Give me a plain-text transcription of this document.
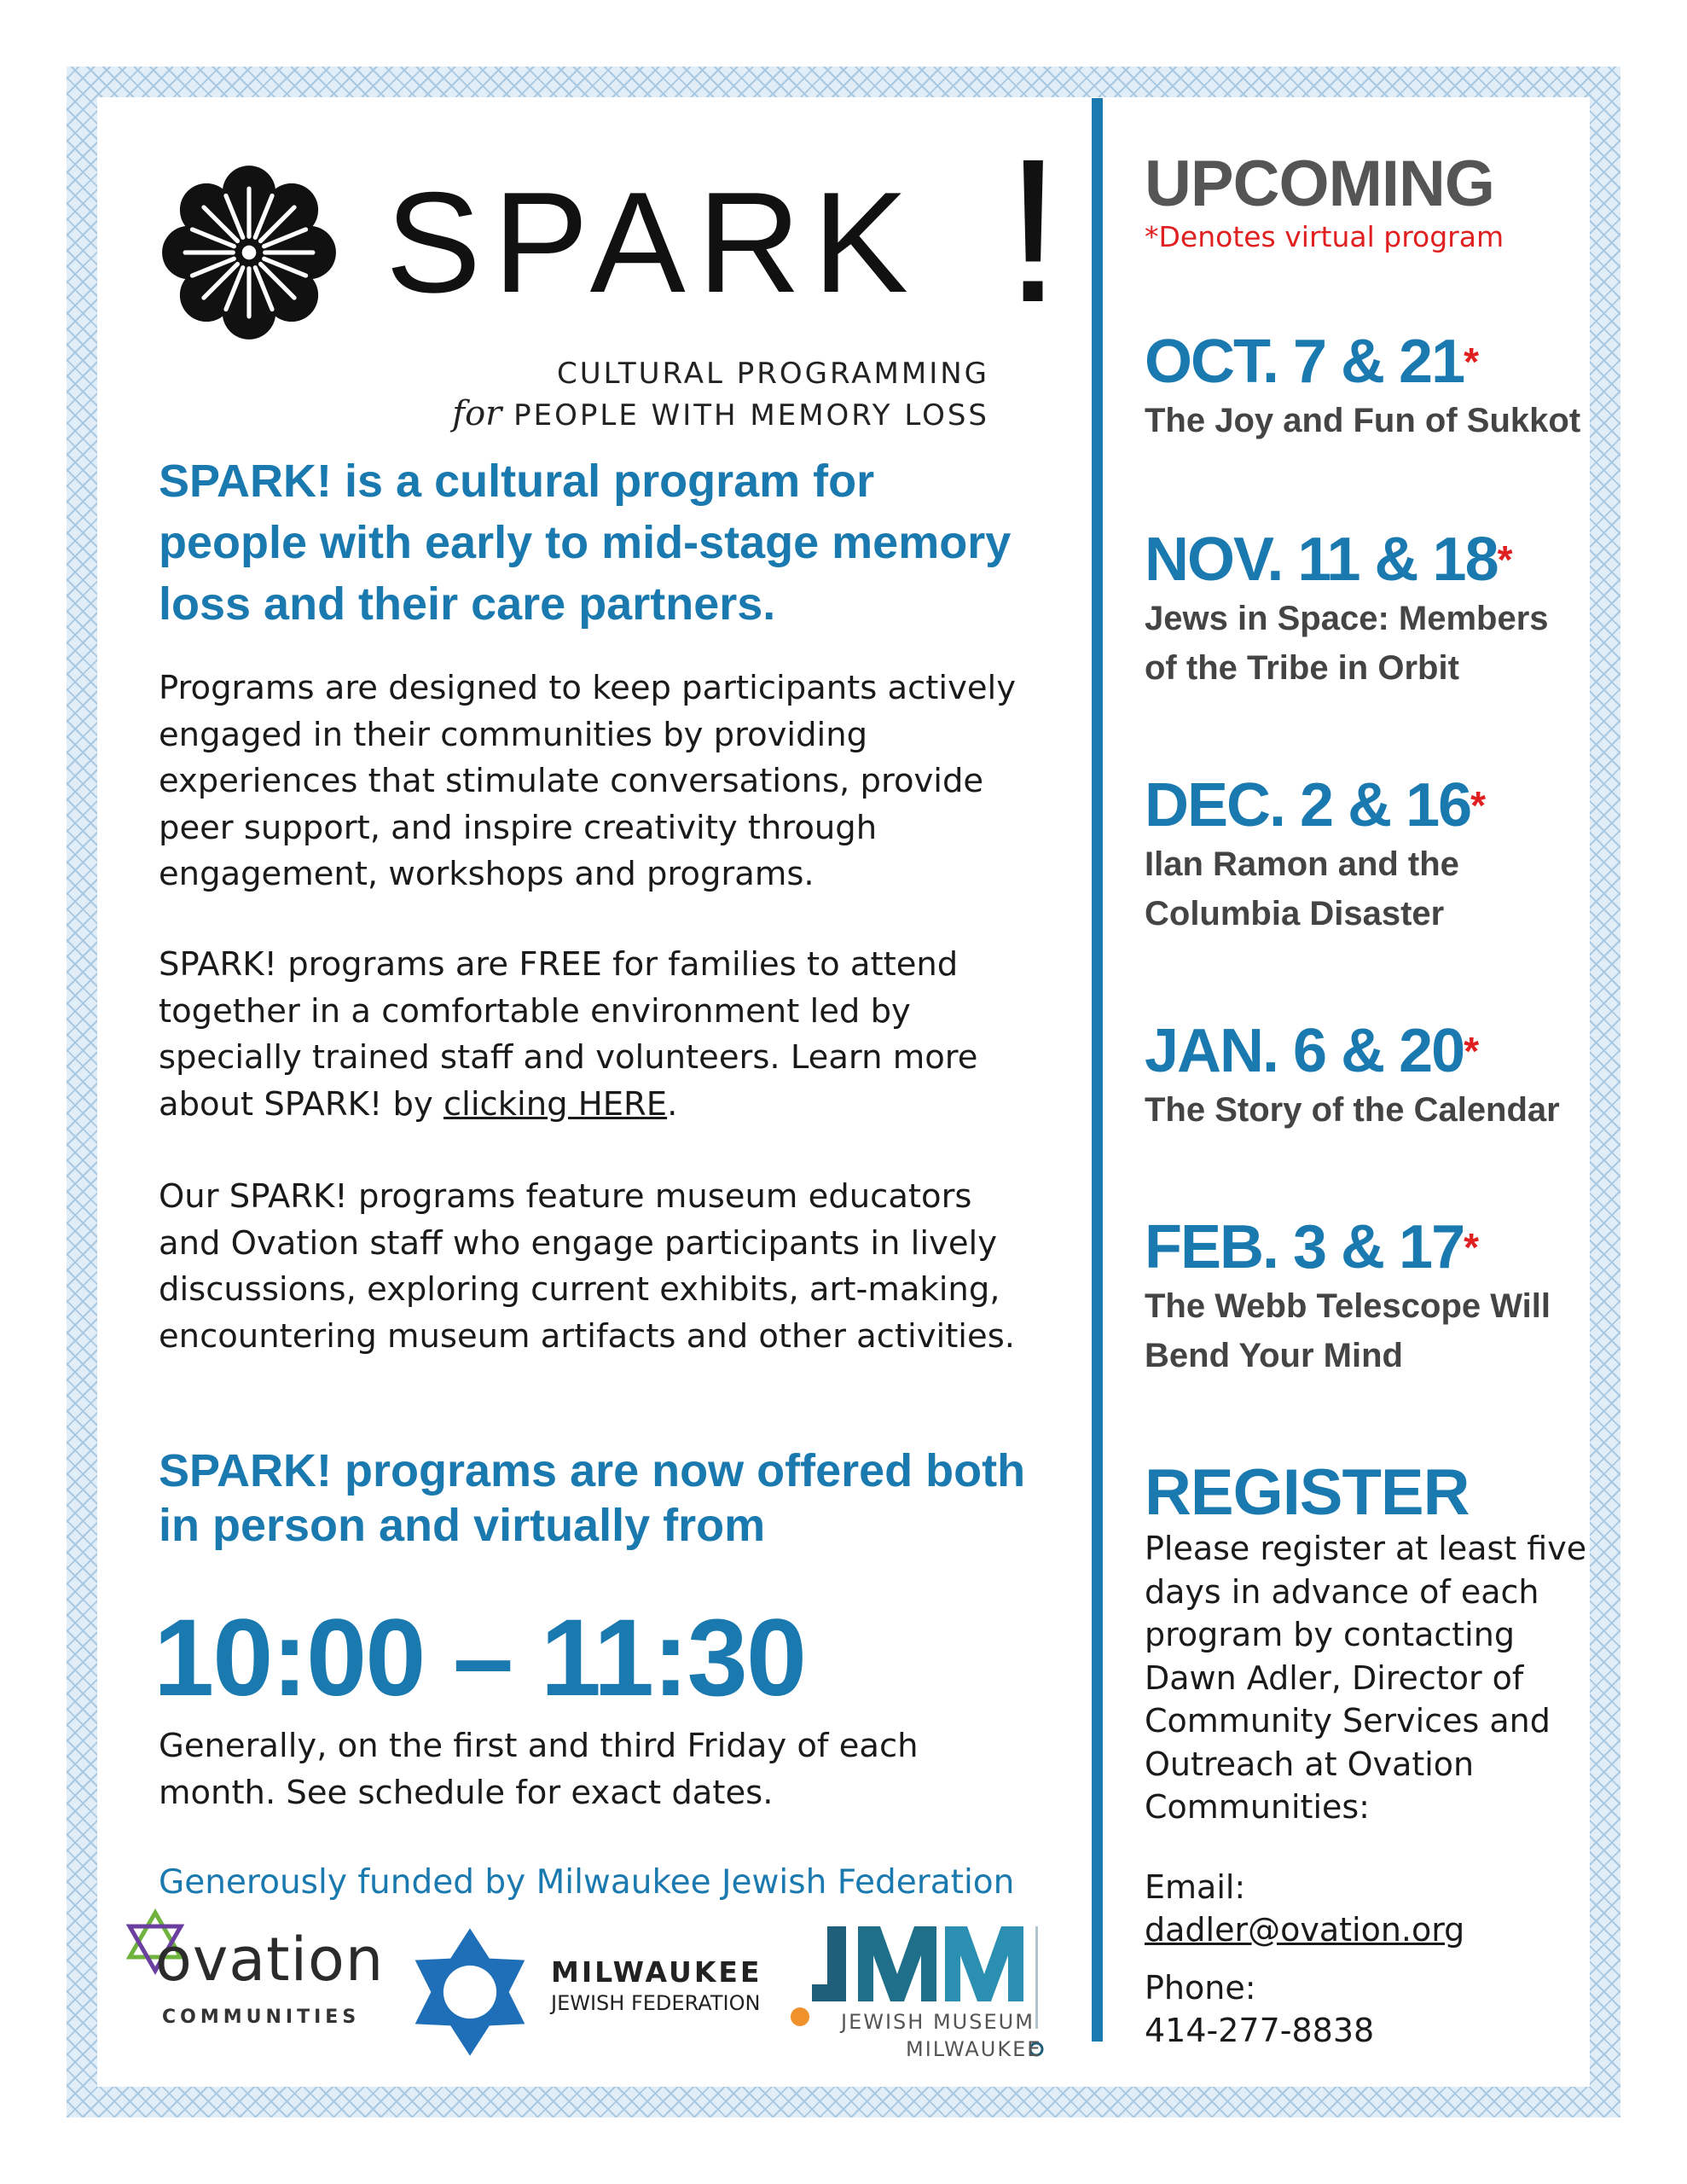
SPARK !
CULTURAL PROGRAMMING
for PEOPLE WITH MEMORY LOSS

SPARK! is a cultural program for people with early to mid-stage memory loss and their care partners.

Programs are designed to keep participants actively engaged in their communities by providing experiences that stimulate conversations, provide peer support, and inspire creativity through engagement, workshops and programs.

SPARK! programs are FREE for families to attend together in a comfortable environment led by specially trained staff and volunteers. Learn more about SPARK! by clicking HERE.

Our SPARK! programs feature museum educators and Ovation staff who engage participants in lively discussions, exploring current exhibits, art-making, encountering museum artifacts and other activities.

SPARK! programs are now offered both in person and virtually from

10:00 – 11:30

Generally, on the first and third Friday of each month. See schedule for exact dates.

Generously funded by Milwaukee Jewish Federation

ovation

COMMUNITIES

MILWAUKEE

JEWISH FEDERATION

JEWISH MUSEUM

MILWAUKEE

UPCOMING

*Denotes virtual program

OCT. 7 & 21*

The Joy and Fun of Sukkot

NOV. 11 & 18*

Jews in Space: Members of the Tribe in Orbit

DEC. 2 & 16*

Ilan Ramon and the Columbia Disaster

JAN. 6 & 20*

The Story of the Calendar

FEB. 3 & 17*

The Webb Telescope Will Bend Your Mind

REGISTER

Please register at least five days in advance of each program by contacting Dawn Adler, Director of Community Services and Outreach at Ovation Communities:

Email:

dadler@ovation.org

Phone:

414-277-8838
